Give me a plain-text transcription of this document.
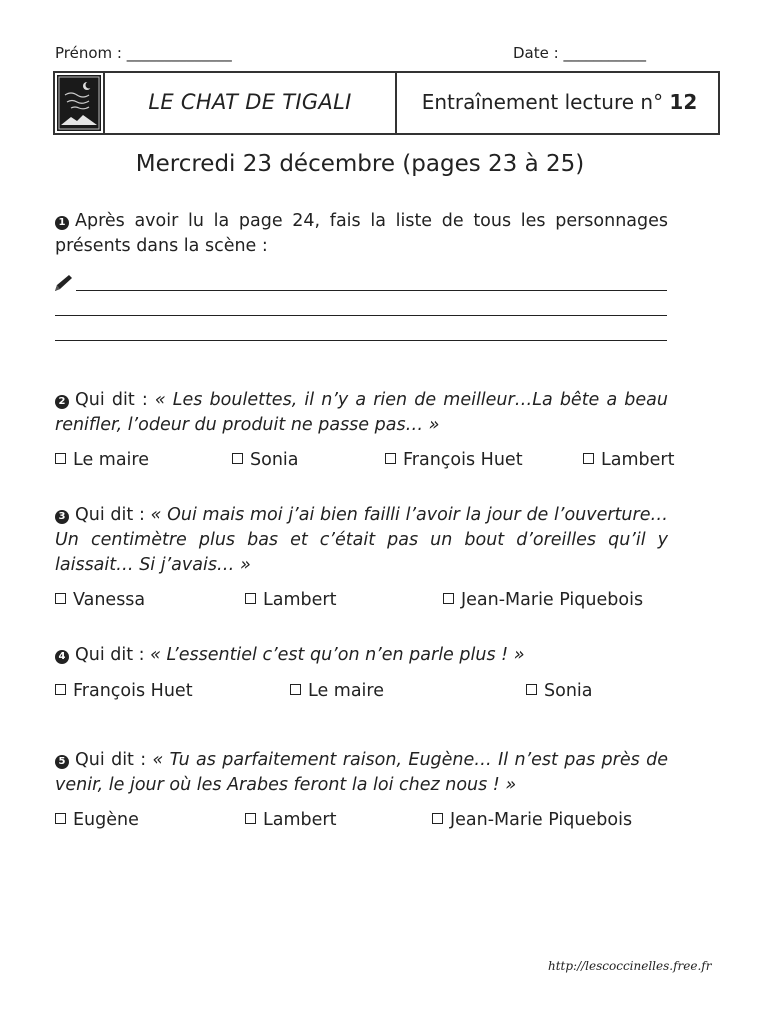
Prénom : ______________	Date : ___________
LE CHAT DE TIGALI	Entraînement lecture n° 12
Mercredi 23 décembre (pages 23 à 25)
1 Après avoir lu la page 24, fais la liste de tous les personnages présents dans la scène :
2 Qui dit : « Les boulettes, il n’y a rien de meilleur…La bête a beau renifler, l’odeur du produit ne passe pas… »
Le maire	Sonia	François Huet	Lambert
3 Qui dit : « Oui mais moi j’ai bien failli l’avoir la jour de l’ouverture… Un centimètre plus bas et c’était pas un bout d’oreilles qu’il y laissait… Si j’avais… »
Vanessa	Lambert	Jean-Marie Piquebois
4 Qui dit : « L’essentiel c’est qu’on n’en parle plus ! »
François Huet	Le maire	Sonia
5 Qui dit : « Tu as parfaitement raison, Eugène… Il n’est pas près de venir, le jour où les Arabes feront la loi chez nous ! »
Eugène	Lambert	Jean-Marie Piquebois
http://lescoccinelles.free.fr
